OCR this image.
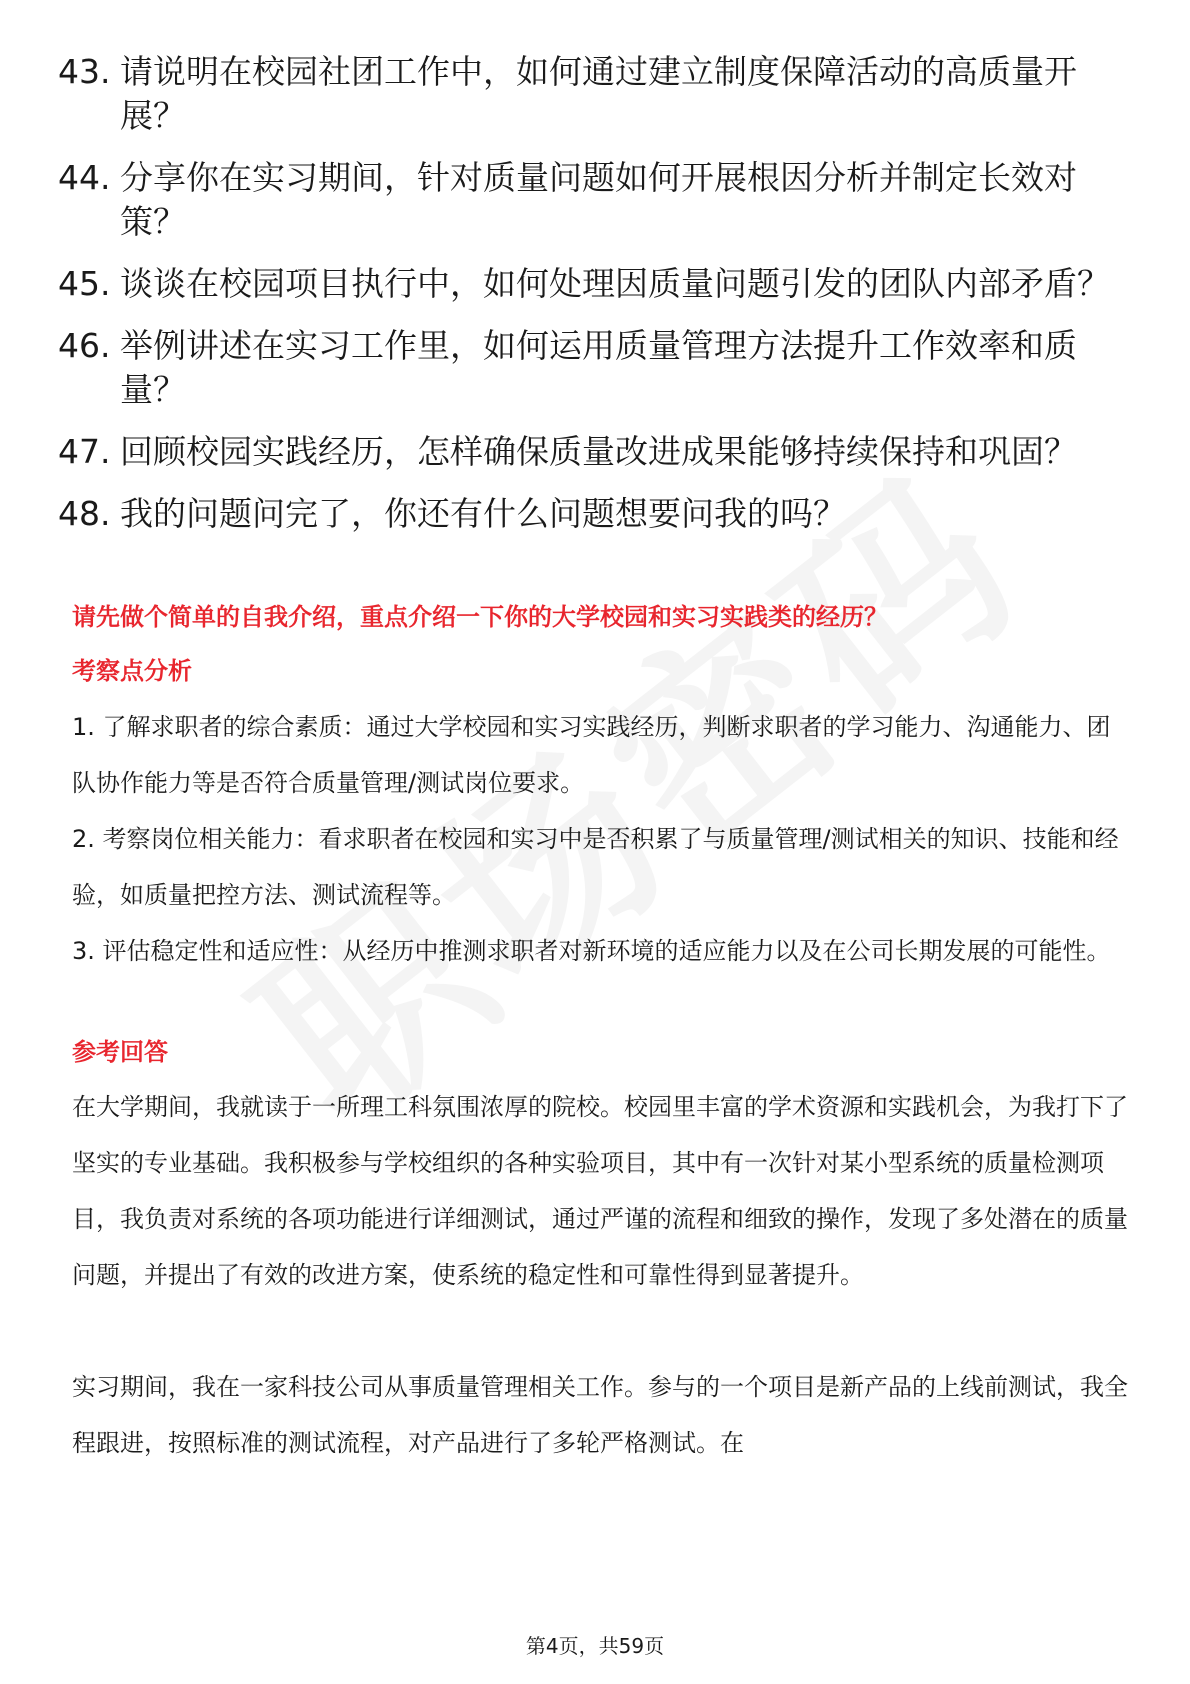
43. 请说明在校园社团工作中，如何通过建立制度保障活动的高质量开展？
44. 分享你在实习期间，针对质量问题如何开展根因分析并制定长效对策？
45. 谈谈在校园项目执行中，如何处理因质量问题引发的团队内部矛盾？
46. 举例讲述在实习工作里，如何运用质量管理方法提升工作效率和质量？
47. 回顾校园实践经历，怎样确保质量改进成果能够持续保持和巩固？
48. 我的问题问完了，你还有什么问题想要问我的吗？
请先做个简单的自我介绍，重点介绍一下你的大学校园和实习实践类的经历？
考察点分析

1. 了解求职者的综合素质：通过大学校园和实习实践经历，判断求职者的学习能力、沟通能力、团队协作能力等是否符合质量管理/测试岗位要求。

2. 考察岗位相关能力：看求职者在校园和实习中是否积累了与质量管理/测试相关的知识、技能和经验，如质量把控方法、测试流程等。

3. 评估稳定性和适应性：从经历中推测求职者对新环境的适应能力以及在公司长期发展的可能性。

参考回答

在大学期间，我就读于一所理工科氛围浓厚的院校。校园里丰富的学术资源和实践机会，为我打下了坚实的专业基础。我积极参与学校组织的各种实验项目，其中有一次针对某小型系统的质量检测项目，我负责对系统的各项功能进行详细测试，通过严谨的流程和细致的操作，发现了多处潜在的质量问题，并提出了有效的改进方案，使系统的稳定性和可靠性得到显著提升。

实习期间，我在一家科技公司从事质量管理相关工作。参与的一个项目是新产品的上线前测试，我全程跟进，按照标准的测试流程，对产品进行了多轮严格测试。在

第4页，共59页
